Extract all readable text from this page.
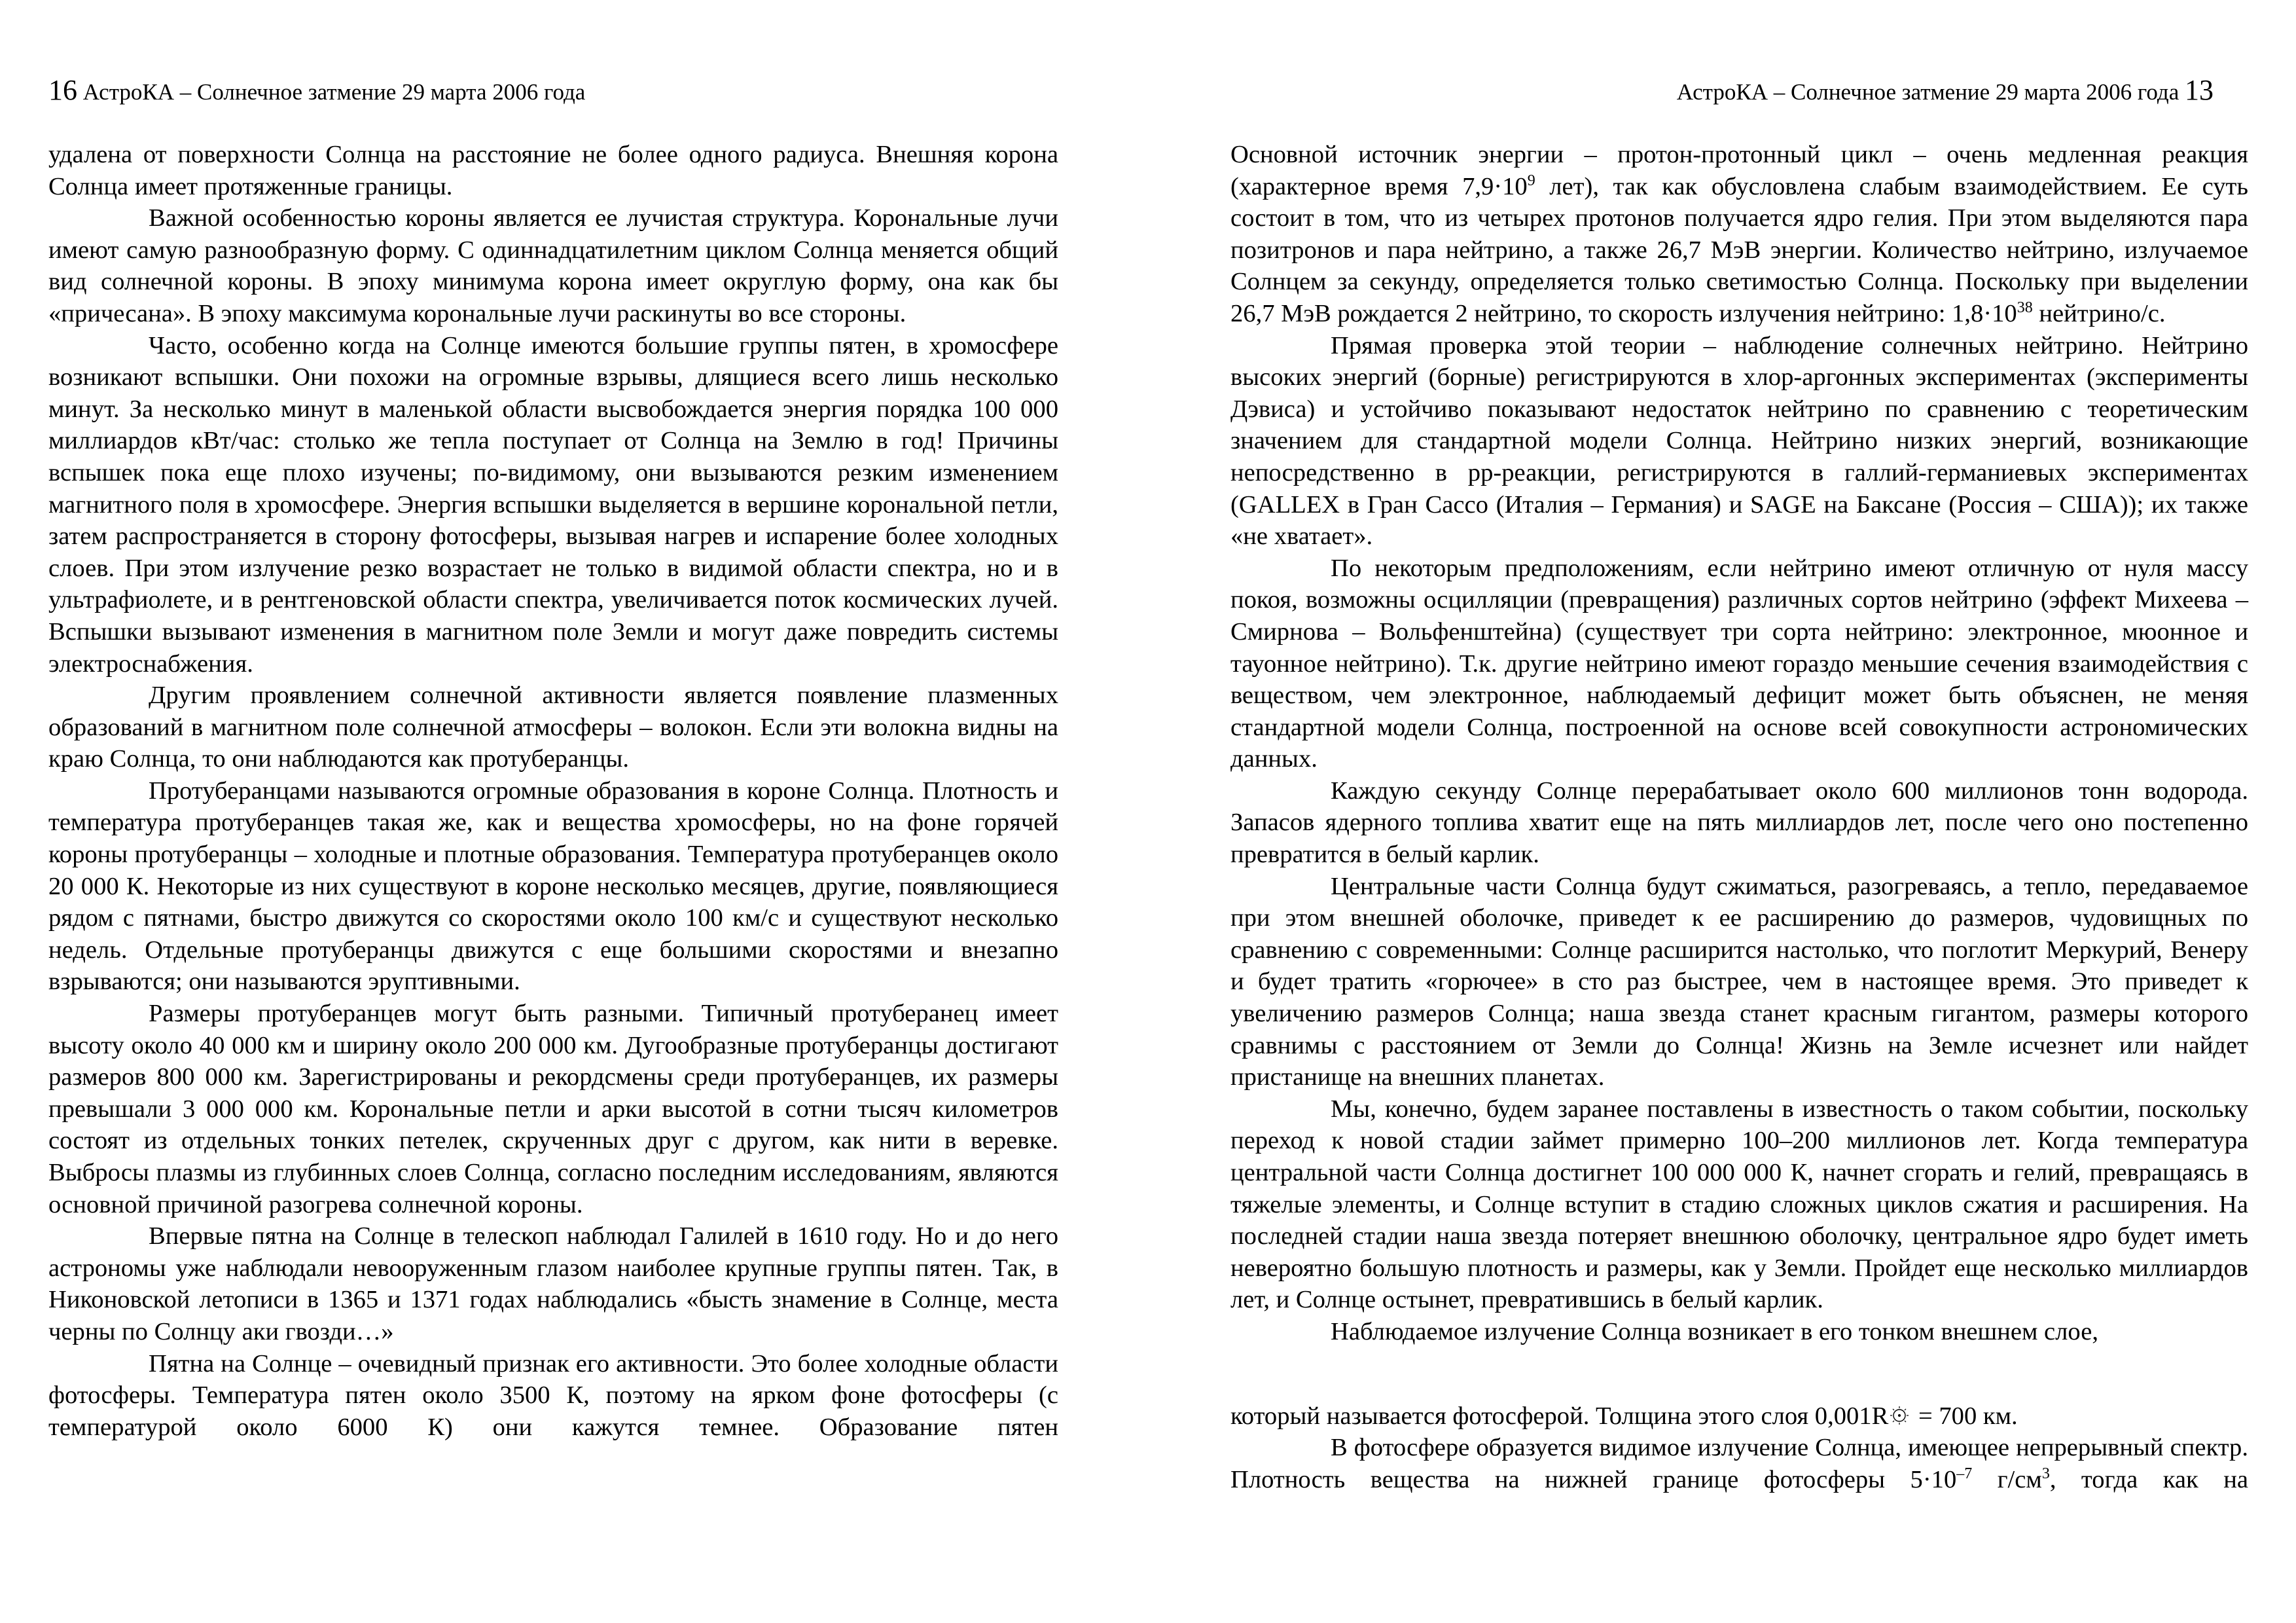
16 АстроКА – Солнечное затмение 29 марта 2006 года

удалена от поверхности Солнца на расстояние не более одного радиуса. Внешняя корона Солнца имеет протяженные границы.

Важной особенностью короны является ее лучистая структура. Корональные лучи имеют самую разнообразную форму. С одиннадцатилетним циклом Солнца меняется общий вид солнечной короны. В эпоху минимума корона имеет округлую форму, она как бы «причесана». В эпоху максимума корональные лучи раскинуты во все стороны.

Часто, особенно когда на Солнце имеются большие группы пятен, в хромосфере возникают вспышки. Они похожи на огромные взрывы, длящиеся всего лишь несколько минут. За несколько минут в маленькой области высвобождается энергия порядка 100 000 миллиардов кВт/час: столько же тепла поступает от Солнца на Землю в год! Причины вспышек пока еще плохо изучены; по-видимому, они вызываются резким изменением магнитного поля в хромосфере. Энергия вспышки выделяется в вершине корональной петли, затем распространяется в сторону фотосферы, вызывая нагрев и испарение более холодных слоев. При этом излучение резко возрастает не только в видимой области спектра, но и в ультрафиолете, и в рентгеновской области спектра, увеличивается поток космических лучей. Вспышки вызывают изменения в магнитном поле Земли и могут даже повредить системы электроснабжения.

Другим проявлением солнечной активности является появление плазменных образований в магнитном поле солнечной атмосферы – волокон. Если эти волокна видны на краю Солнца, то они наблюдаются как протуберанцы.

Протуберанцами называются огромные образования в короне Солнца. Плотность и температура протуберанцев такая же, как и вещества хромосферы, но на фоне горячей короны протуберанцы – холодные и плотные образования. Температура протуберанцев около 20 000 К. Некоторые из них существуют в короне несколько месяцев, другие, появляющиеся рядом с пятнами, быстро движутся со скоростями около 100 км/с и существуют несколько недель. Отдельные протуберанцы движутся с еще большими скоростями и внезапно взрываются; они называются эруптивными.

Размеры протуберанцев могут быть разными. Типичный протуберанец имеет высоту около 40 000 км и ширину около 200 000 км. Дугообразные протуберанцы достигают размеров 800 000 км. Зарегистрированы и рекордсмены среди протуберанцев, их размеры превышали 3 000 000 км. Корональные петли и арки высотой в сотни тысяч километров состоят из отдельных тонких петелек, скрученных друг с другом, как нити в веревке. Выбросы плазмы из глубинных слоев Солнца, согласно последним исследованиям, являются основной причиной разогрева солнечной короны.

Впервые пятна на Солнце в телескоп наблюдал Галилей в 1610 году. Но и до него астрономы уже наблюдали невооруженным глазом наиболее крупные группы пятен. Так, в Никоновской летописи в 1365 и 1371 годах наблюдались «бысть знамение в Солнце, места черны по Солнцу аки гвозди…»

Пятна на Солнце – очевидный признак его активности. Это более холодные области фотосферы. Температура пятен около 3500 К, поэтому на ярком фоне фотосферы (с температурой около 6000 К) они кажутся темнее. Образование пятен

АстроКА – Солнечное затмение 29 марта 2006 года 13

Основной источник энергии – протон-протонный цикл – очень медленная реакция (характерное время $7,9\cdot 10^9$ лет), так как обусловлена слабым взаимодействием. Ее суть состоит в том, что из четырех протонов получается ядро гелия. При этом выделяются пара позитронов и пара нейтрино, а также 26,7 МэВ энергии. Количество нейтрино, излучаемое Солнцем за секунду, определяется только светимостью Солнца. Поскольку при выделении 26,7 МэВ рождается 2 нейтрино, то скорость излучения нейтрино: $1,8\cdot 10^{38}$ нейтрино/с.

Прямая проверка этой теории – наблюдение солнечных нейтрино. Нейтрино высоких энергий (борные) регистрируются в хлор-аргонных экспериментах (эксперименты Дэвиса) и устойчиво показывают недостаток нейтрино по сравнению с теоретическим значением для стандартной модели Солнца. Нейтрино низких энергий, возникающие непосредственно в pp-реакции, регистрируются в галлий-германиевых экспериментах (GALLEX в Гран Сассо (Италия – Германия) и SAGE на Баксане (Россия – США)); их также «не хватает».

По некоторым предположениям, если нейтрино имеют отличную от нуля массу покоя, возможны осцилляции (превращения) различных сортов нейтрино (эффект Михеева – Смирнова – Вольфенштейна) (существует три сорта нейтрино: электронное, мюонное и тауонное нейтрино). Т.к. другие нейтрино имеют гораздо меньшие сечения взаимодействия с веществом, чем электронное, наблюдаемый дефицит может быть объяснен, не меняя стандартной модели Солнца, построенной на основе всей совокупности астрономических данных.

Каждую секунду Солнце перерабатывает около 600 миллионов тонн водорода. Запасов ядерного топлива хватит еще на пять миллиардов лет, после чего оно постепенно превратится в белый карлик.

Центральные части Солнца будут сжиматься, разогреваясь, а тепло, передаваемое при этом внешней оболочке, приведет к ее расширению до размеров, чудовищных по сравнению с современными: Солнце расширится настолько, что поглотит Меркурий, Венеру и будет тратить «горючее» в сто раз быстрее, чем в настоящее время. Это приведет к увеличению размеров Солнца; наша звезда станет красным гигантом, размеры которого сравнимы с расстоянием от Земли до Солнца! Жизнь на Земле исчезнет или найдет пристанище на внешних планетах.

Мы, конечно, будем заранее поставлены в известность о таком событии, поскольку переход к новой стадии займет примерно 100–200 миллионов лет. Когда температура центральной части Солнца достигнет 100 000 000 К, начнет сгорать и гелий, превращаясь в тяжелые элементы, и Солнце вступит в стадию сложных циклов сжатия и расширения. На последней стадии наша звезда потеряет внешнюю оболочку, центральное ядро будет иметь невероятно большую плотность и размеры, как у Земли. Пройдет еще несколько миллиардов лет, и Солнце остынет, превратившись в белый карлик.

Наблюдаемое излучение Солнца возникает в его тонком внешнем слое,

который называется фотосферой. Толщина этого слоя 0,001R = 700 км.

В фотосфере образуется видимое излучение Солнца, имеющее непрерывный спектр. Плотность вещества на нижней границе фотосферы $5\cdot 10^{-7}$ $г/см^3$, тогда как на
